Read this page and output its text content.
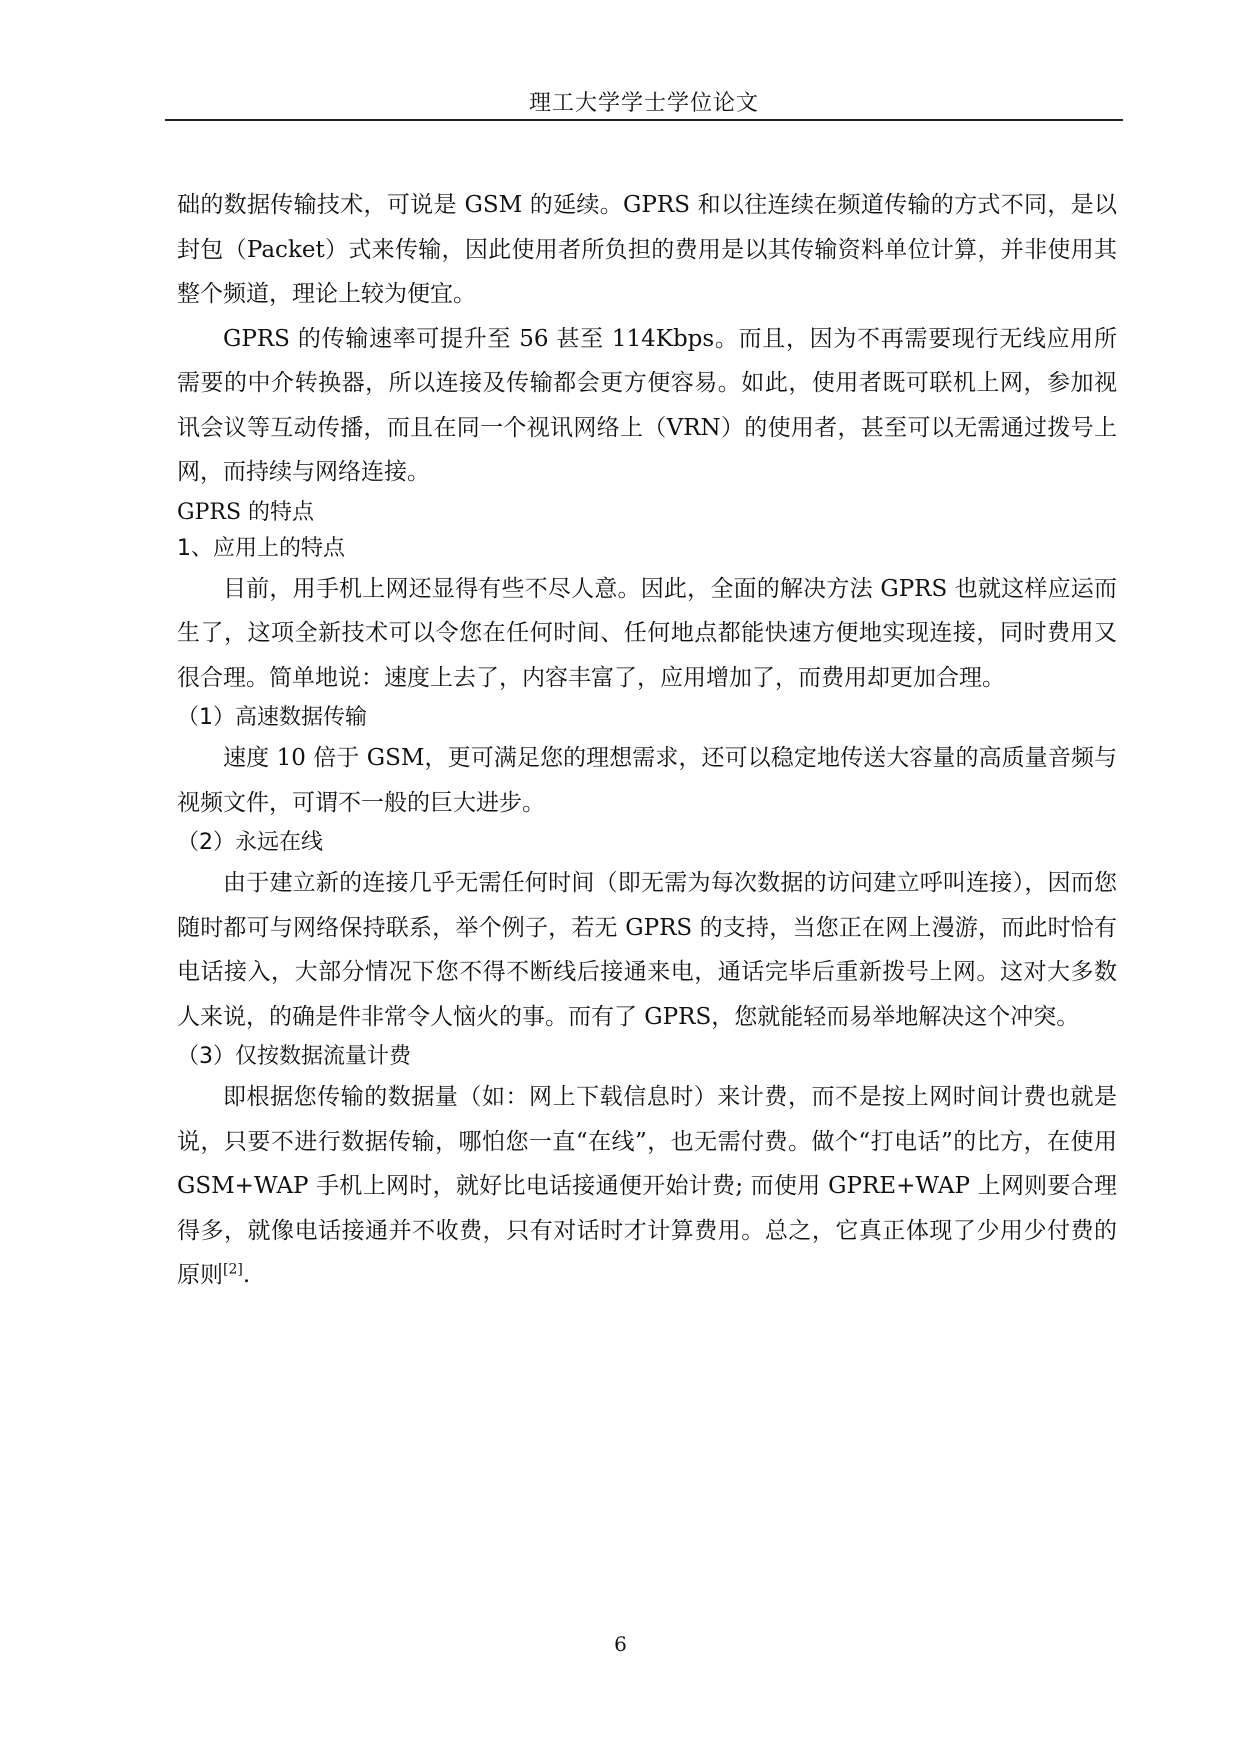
理工大学学士学位论文

础的数据传输技术，可说是 GSM 的延续。GPRS 和以往连续在频道传输的方式不同，是以封包（Packet）式来传输，因此使用者所负担的费用是以其传输资料单位计算，并非使用其整个频道，理论上较为便宜。

GPRS 的传输速率可提升至 56 甚至 114Kbps。而且，因为不再需要现行无线应用所需要的中介转换器，所以连接及传输都会更方便容易。如此，使用者既可联机上网，参加视讯会议等互动传播，而且在同一个视讯网络上（VRN）的使用者，甚至可以无需通过拨号上网，而持续与网络连接。

GPRS 的特点

1、应用上的特点

目前，用手机上网还显得有些不尽人意。因此，全面的解决方法 GPRS 也就这样应运而生了，这项全新技术可以令您在任何时间、任何地点都能快速方便地实现连接，同时费用又很合理。简单地说：速度上去了，内容丰富了，应用增加了，而费用却更加合理。

（1）高速数据传输

速度 10 倍于 GSM，更可满足您的理想需求，还可以稳定地传送大容量的高质量音频与视频文件，可谓不一般的巨大进步。

（2）永远在线

由于建立新的连接几乎无需任何时间（即无需为每次数据的访问建立呼叫连接），因而您随时都可与网络保持联系，举个例子，若无 GPRS 的支持，当您正在网上漫游，而此时恰有电话接入，大部分情况下您不得不断线后接通来电，通话完毕后重新拨号上网。这对大多数人来说，的确是件非常令人恼火的事。而有了 GPRS，您就能轻而易举地解决这个冲突。

（3）仅按数据流量计费

即根据您传输的数据量（如：网上下载信息时）来计费，而不是按上网时间计费也就是说，只要不进行数据传输，哪怕您一直“在线”，也无需付费。做个“打电话”的比方，在使用 GSM+WAP 手机上网时，就好比电话接通便开始计费; 而使用 GPRE+WAP 上网则要合理得多，就像电话接通并不收费，只有对话时才计算费用。总之，它真正体现了少用少付费的原则[2].

6
